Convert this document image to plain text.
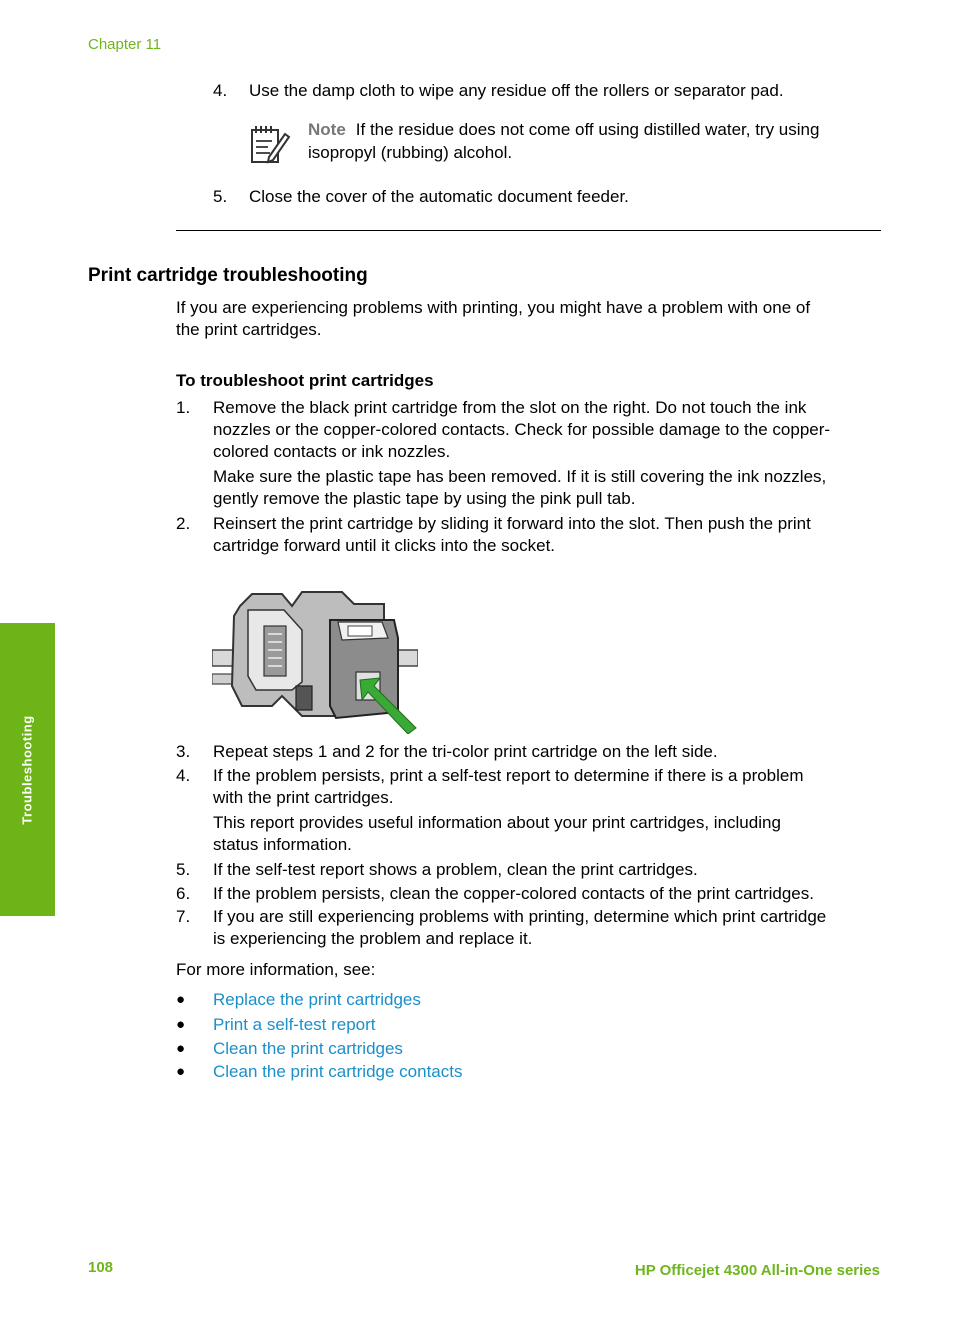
Chapter 11
4. Use the damp cloth to wipe any residue off the rollers or separator pad.
Note If the residue does not come off using distilled water, try using
isopropyl (rubbing) alcohol.
5. Close the cover of the automatic document feeder.
Print cartridge troubleshooting
If you are experiencing problems with printing, you might have a problem with one of
the print cartridges.
To troubleshoot print cartridges
1. Remove the black print cartridge from the slot on the right. Do not touch the ink
nozzles or the copper-colored contacts. Check for possible damage to the copper-
colored contacts or ink nozzles.
Make sure the plastic tape has been removed. If it is still covering the ink nozzles,
gently remove the plastic tape by using the pink pull tab.
2. Reinsert the print cartridge by sliding it forward into the slot. Then push the print
cartridge forward until it clicks into the socket.
3. Repeat steps 1 and 2 for the tri-color print cartridge on the left side.
4. If the problem persists, print a self-test report to determine if there is a problem
with the print cartridges.
This report provides useful information about your print cartridges, including
status information.
5. If the self-test report shows a problem, clean the print cartridges.
6. If the problem persists, clean the copper-colored contacts of the print cartridges.
7. If you are still experiencing problems with printing, determine which print cartridge
is experiencing the problem and replace it.
For more information, see:
● Replace the print cartridges
● Print a self-test report
● Clean the print cartridges
● Clean the print cartridge contacts
Troubleshooting
108	HP Officejet 4300 All-in-One series
